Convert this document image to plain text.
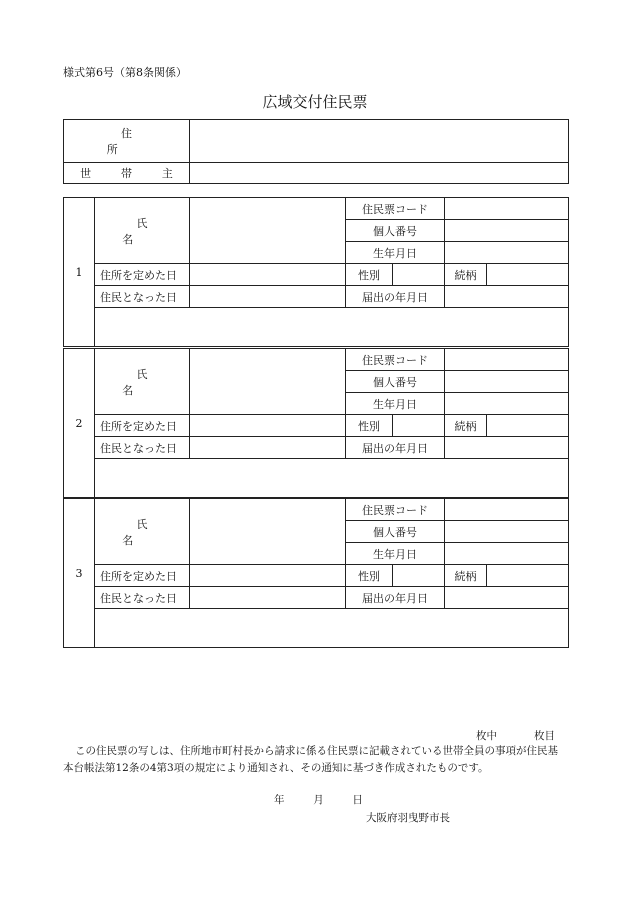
様式第6号（第8条関係）
広域交付住民票
住　所	
世 帯 主	
1	氏　名		住民票コード			
			個人番号			
			生年月日			
	住所を定めた日		性別		続柄	
	住民となった日		届出の年月日			

2	氏　名		住民票コード			
			個人番号			
			生年月日			
	住所を定めた日		性別		続柄	
	住民となった日		届出の年月日			

3	氏　名		住民票コード			
			個人番号			
			生年月日			
	住所を定めた日		性別		続柄	
	住民となった日		届出の年月日			

枚中	枚目
この住民票の写しは、住所地市町村長から請求に係る住民票に記載されている世帯全員の事項が住民基本台帳法第12条の4第3項の規定により通知され、その通知に基づき作成されたものです。
年	月	日
大阪府羽曳野市長
